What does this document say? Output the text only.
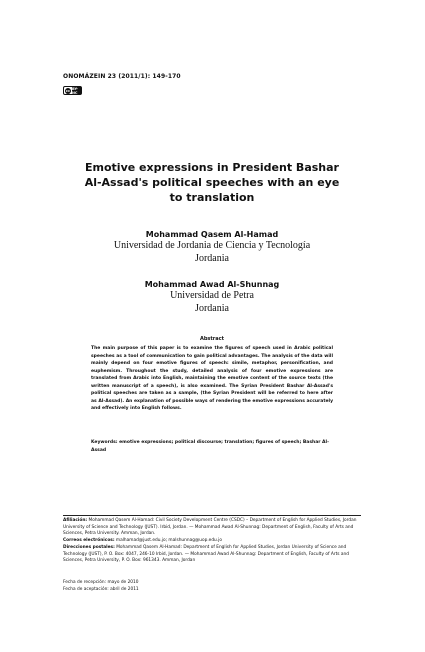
ONOMÁZEIN 23 (2011/1): 149-170
cc BY-NC
Emotive expressions in President Bashar
Al-Assad's political speeches with an eye
to translation
Mohammad Qasem Al-Hamad
Universidad de Jordania de Ciencia y Tecnología
Jordania
Mohammad Awad Al-Shunnag
Universidad de Petra
Jordania
Abstract
The main purpose of this paper is to examine the figures of speech used in Arabic political speeches as a tool of communication to gain political advantages. The analysis of the data will mainly depend on four emotive figures of speech: simile, metaphor, personification, and euphemism. Throughout the study, detailed analysis of four emotive expressions are translated from Arabic into English, maintaining the emotive content of the source texts (the written manuscript of a speech), is also examined. The Syrian President Bashar Al-Assad's political speeches are taken as a sample, (the Syrian President will be referred to here after as Al-Assad). An explanation of possible ways of rendering the emotive expressions accurately and effectively into English follows.
Keywords: emotive expressions; political discourse; translation; figures of speech; Bashar Al-Assad
Afiliación: Mohammad Qasem Al-Hamad: Civil Society Development Centre (CSDC) – Department of English for Applied Studies, Jordan University of Science and Technology (JUST). Irbid, Jordan. — Mohammad Awad Al-Shunnag: Department of English, Faculty of Arts and Sciences, Petra University. Amman, Jordan.
Correos electrónicos: malhamad@just.edu.jo; malshunnag@uop.edu.jo
Direcciones postales: Mohammad Qasem Al-Hamad: Department of English for Applied Studies, Jordan University of Science and Technology (JUST), P. O. Box: 4047, 246-10 Irbid, Jordan. — Mohammad Awad Al-Shunnag: Department of English, Faculty of Arts and Sciences, Petra University, P. O. Box: 961343. Amman, Jordan
Fecha de recepción: mayo de 2010
Fecha de aceptación: abril de 2011
